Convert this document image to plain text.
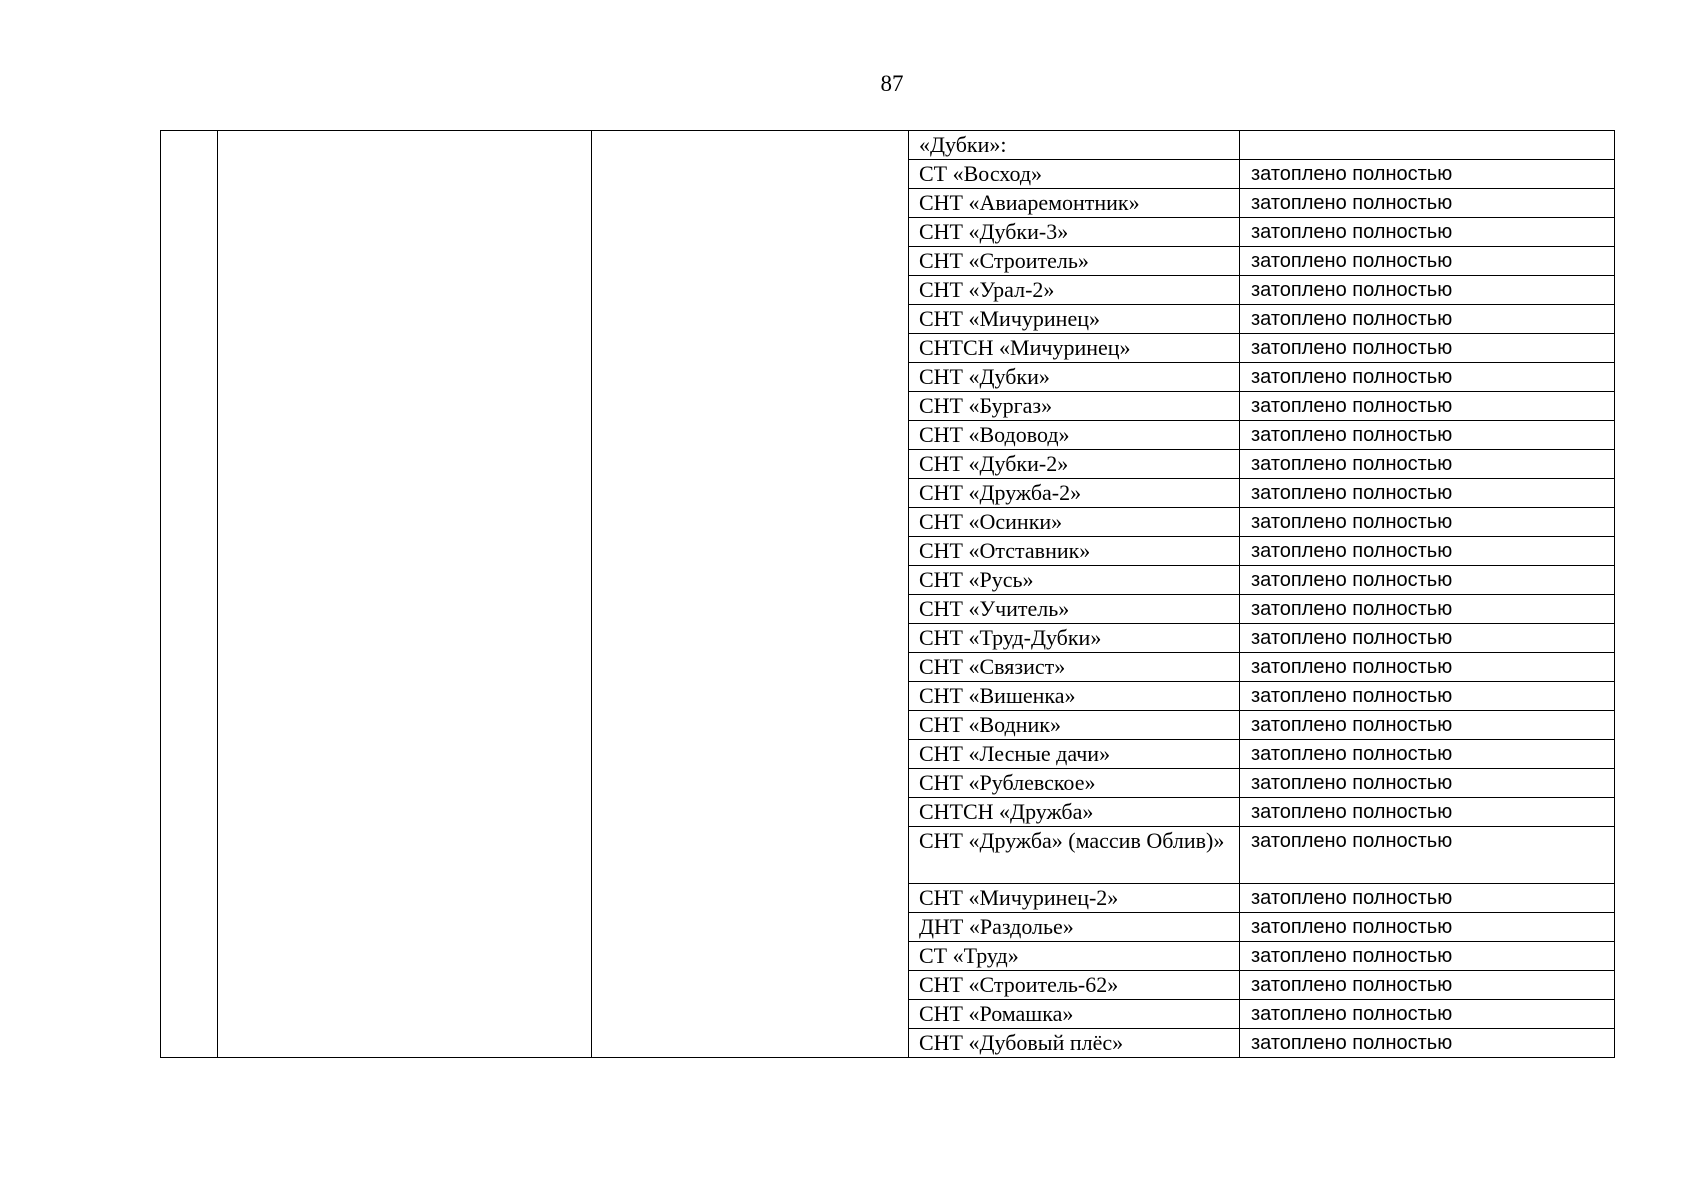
87
			«Дубки»:	
			СТ «Восход»	затоплено полностью
			СНТ «Авиаремонтник»	затоплено полностью
			СНТ «Дубки-3»	затоплено полностью
			СНТ «Строитель»	затоплено полностью
			СНТ «Урал-2»	затоплено полностью
			СНТ «Мичуринец»	затоплено полностью
			СНТСН «Мичуринец»	затоплено полностью
			СНТ «Дубки»	затоплено полностью
			СНТ «Бургаз»	затоплено полностью
			СНТ «Водовод»	затоплено полностью
			СНТ «Дубки-2»	затоплено полностью
			СНТ «Дружба-2»	затоплено полностью
			СНТ «Осинки»	затоплено полностью
			СНТ «Отставник»	затоплено полностью
			СНТ «Русь»	затоплено полностью
			СНТ «Учитель»	затоплено полностью
			СНТ «Труд-Дубки»	затоплено полностью
			СНТ «Связист»	затоплено полностью
			СНТ «Вишенка»	затоплено полностью
			СНТ «Водник»	затоплено полностью
			СНТ «Лесные дачи»	затоплено полностью
			СНТ «Рублевское»	затоплено полностью
			СНТСН «Дружба»	затоплено полностью
			СНТ «Дружба» (массив Облив)»	затоплено полностью
			СНТ «Мичуринец-2»	затоплено полностью
			ДНТ «Раздолье»	затоплено полностью
			СТ «Труд»	затоплено полностью
			СНТ «Строитель-62»	затоплено полностью
			СНТ «Ромашка»	затоплено полностью
			СНТ «Дубовый плёс»	затоплено полностью
